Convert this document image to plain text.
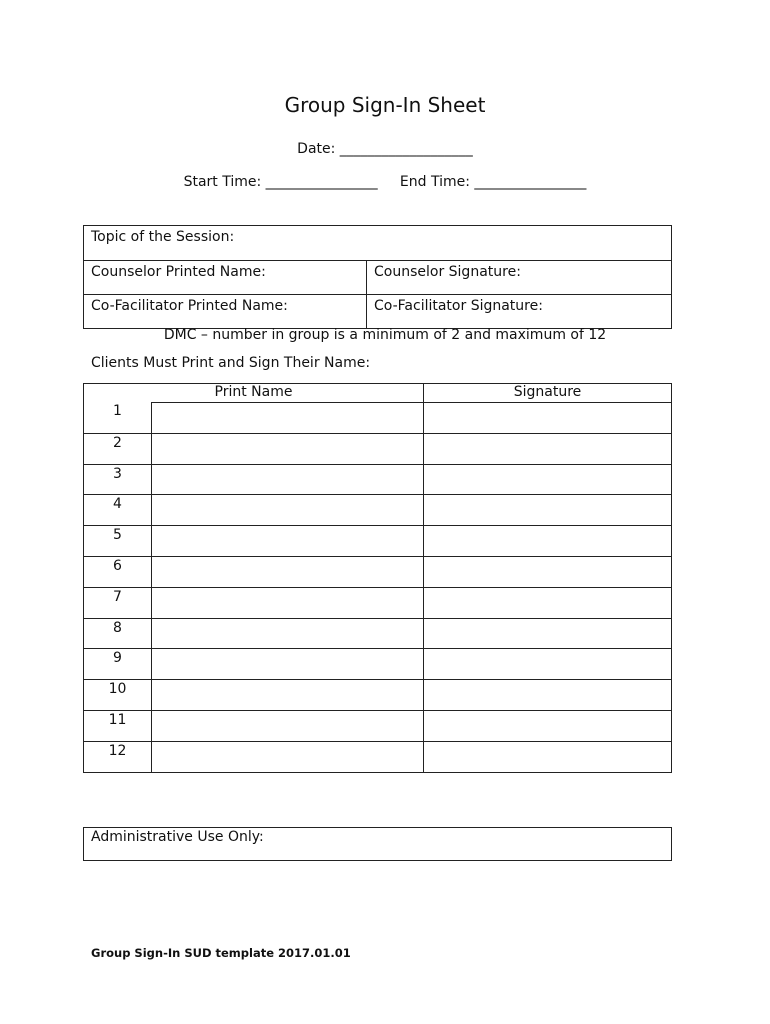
Group Sign-In Sheet
Date: ___________________
Start Time: ________________     End Time: ________________
Topic of the Session:
Counselor Printed Name:	Counselor Signature:
Co-Facilitator Printed Name:	Co-Facilitator Signature:
DMC – number in group is a minimum of 2 and maximum of 12
Clients Must Print and Sign Their Name:
Print Name	Signature
1
2
3
4
5
6
7
8
9
10
11
12
Administrative Use Only:
Group Sign-In SUD template 2017.01.01
